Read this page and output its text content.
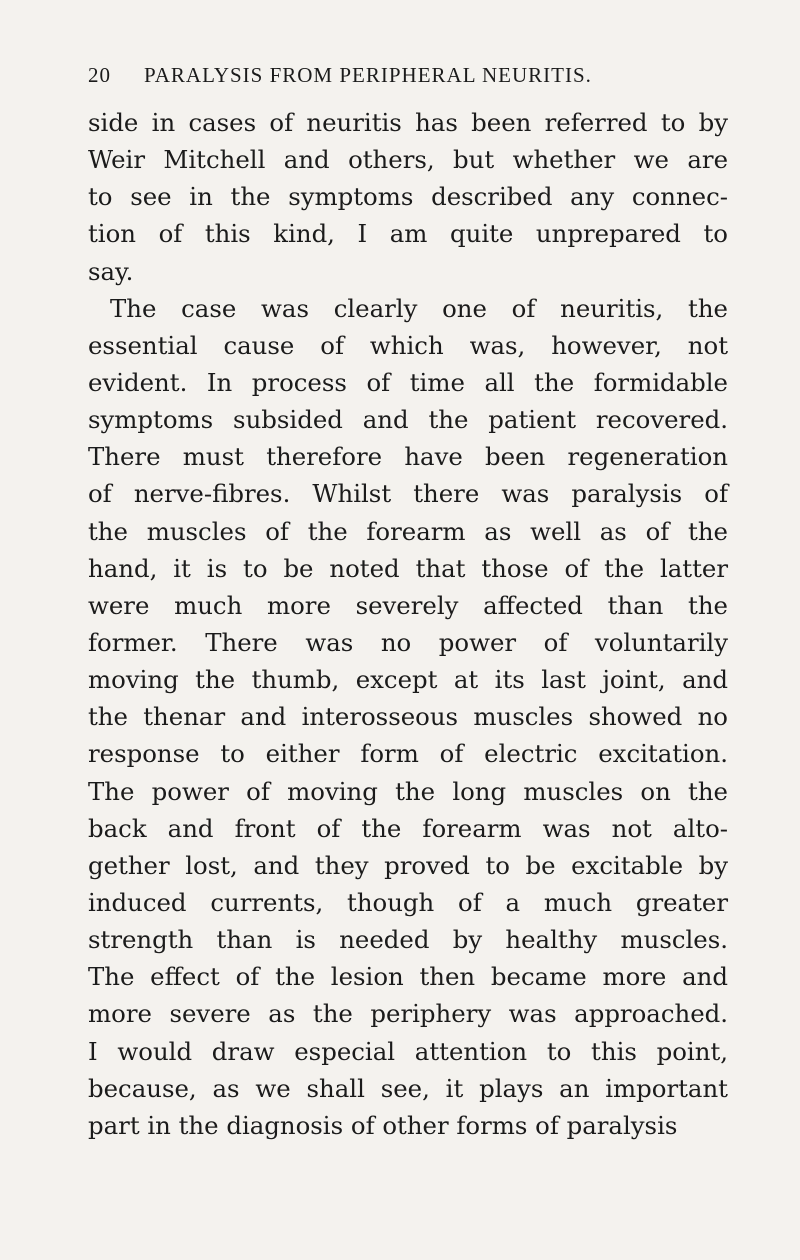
20 PARALYSIS FROM PERIPHERAL NEURITIS.
side in cases of neuritis has been referred to by
Weir Mitchell and others, but whether we are
to see in the symptoms described any connec-
tion of this kind, I am quite unprepared to
say.
The case was clearly one of neuritis, the
essential cause of which was, however, not
evident. In process of time all the formidable
symptoms subsided and the patient recovered.
There must therefore have been regeneration
of nerve-fibres. Whilst there was paralysis of
the muscles of the forearm as well as of the
hand, it is to be noted that those of the latter
were much more severely affected than the
former. There was no power of voluntarily
moving the thumb, except at its last joint, and
the thenar and interosseous muscles showed no
response to either form of electric excitation.
The power of moving the long muscles on the
back and front of the forearm was not alto-
gether lost, and they proved to be excitable by
induced currents, though of a much greater
strength than is needed by healthy muscles.
The effect of the lesion then became more and
more severe as the periphery was approached.
I would draw especial attention to this point,
because, as we shall see, it plays an important
part in the diagnosis of other forms of paralysis
